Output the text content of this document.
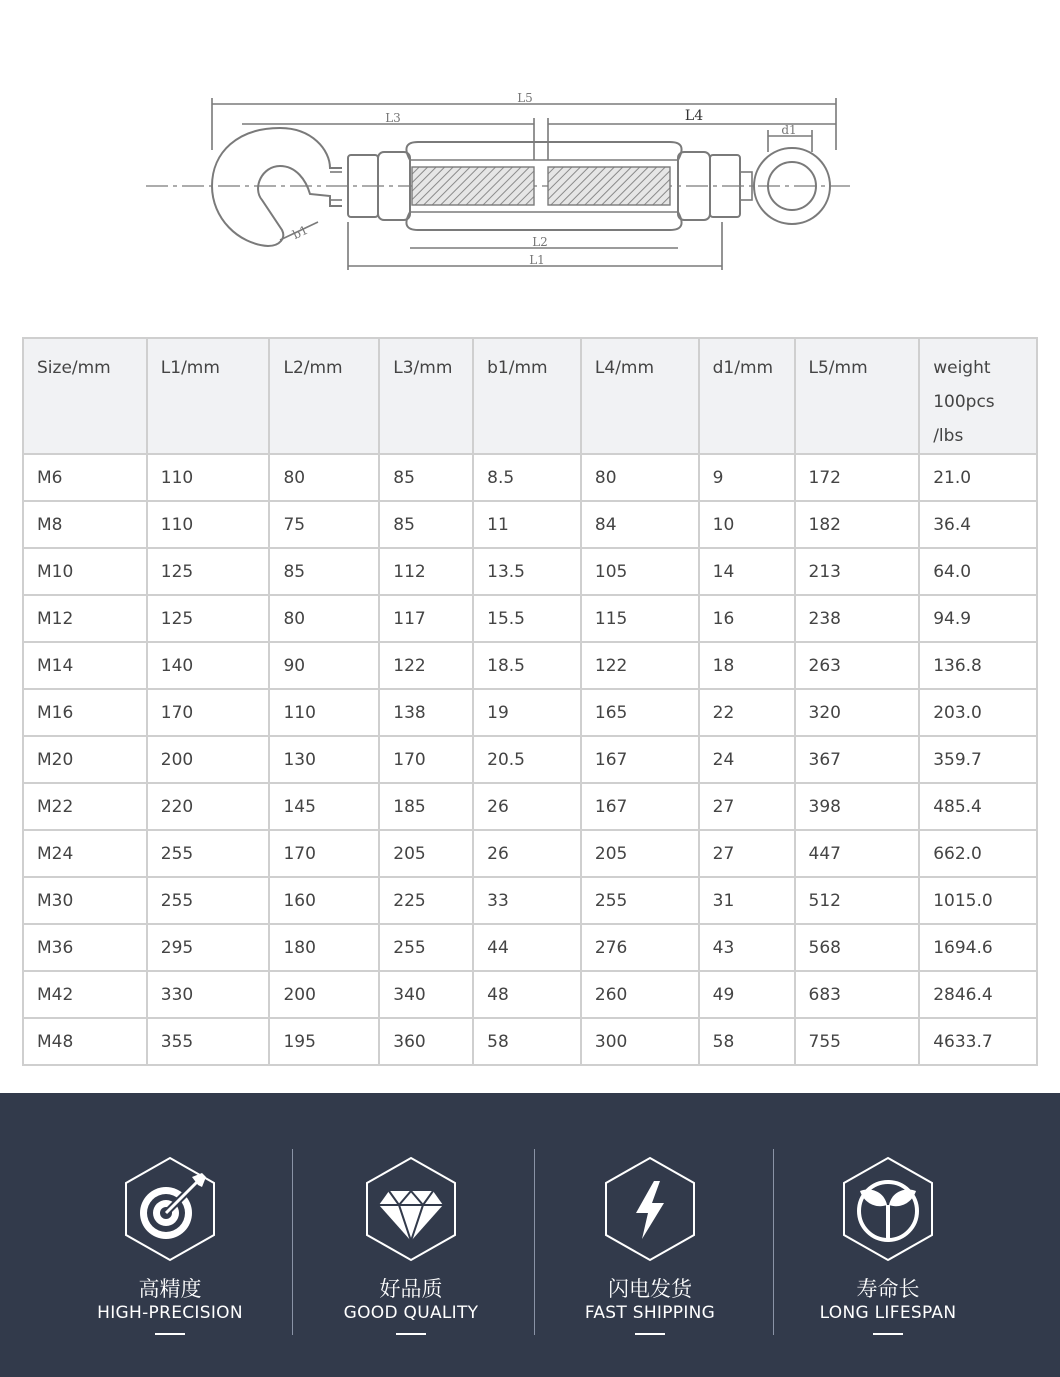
L5
L4
L3
d1
b1
L2
L1
Size/mm	L1/mm	L2/mm	L3/mm	b1/mm	L4/mm	d1/mm	L5/mm	weight
100pcs
/lbs

M6	110	80	85	8.5	80	9	172	21.0
M8	110	75	85	11	84	10	182	36.4
M10	125	85	112	13.5	105	14	213	64.0
M12	125	80	117	15.5	115	16	238	94.9
M14	140	90	122	18.5	122	18	263	136.8
M16	170	110	138	19	165	22	320	203.0
M20	200	130	170	20.5	167	24	367	359.7
M22	220	145	185	26	167	27	398	485.4
M24	255	170	205	26	205	27	447	662.0
M30	255	160	225	33	255	31	512	1015.0
M36	295	180	255	44	276	43	568	1694.6
M42	330	200	340	48	260	49	683	2846.4
M48	355	195	360	58	300	58	755	4633.7
高精度
HIGH-PRECISION
好品质
GOOD QUALITY
闪电发货
FAST SHIPPING
寿命长
LONG LIFESPAN
